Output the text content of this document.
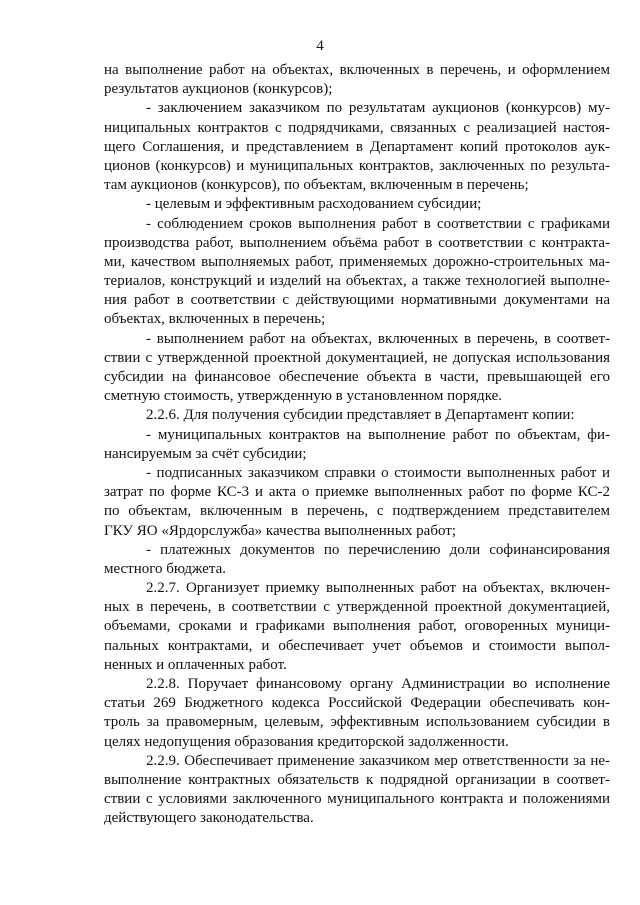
4
на выполнение работ на объектах, включенных в перечень, и оформлением
результатов аукционов (конкурсов);
- заключением заказчиком по результатам аукционов (конкурсов) му-
ниципальных контрактов с подрядчиками, связанных с реализацией настоя-
щего Соглашения, и представлением в Департамент копий протоколов аук-
ционов (конкурсов) и муниципальных контрактов, заключенных по результа-
там аукционов (конкурсов), по объектам, включенным в перечень;
- целевым и эффективным расходованием субсидии;
- соблюдением сроков выполнения работ в соответствии с графиками
производства работ, выполнением объёма работ в соответствии с контракта-
ми, качеством выполняемых работ, применяемых дорожно-строительных ма-
териалов, конструкций и изделий на объектах, а также технологией выполне-
ния работ в соответствии с действующими нормативными документами на
объектах, включенных в перечень;
- выполнением работ на объектах, включенных в перечень, в соответ-
ствии с утвержденной проектной документацией, не допуская использования
субсидии на финансовое обеспечение объекта в части, превышающей его
сметную стоимость, утвержденную в установленном порядке.
2.2.6. Для получения субсидии представляет в Департамент копии:
- муниципальных контрактов на выполнение работ по объектам, фи-
нансируемым за счёт субсидии;
- подписанных заказчиком справки о стоимости выполненных работ и
затрат по форме КС-3 и акта о приемке выполненных работ по форме КС-2
по объектам, включенным в перечень, с подтверждением представителем
ГКУ ЯО «Ярдорслужба» качества выполненных работ;
- платежных документов по перечислению доли софинансирования
местного бюджета.
2.2.7. Организует приемку выполненных работ на объектах, включен-
ных в перечень, в соответствии с утвержденной проектной документацией,
объемами, сроками и графиками выполнения работ, оговоренных муници-
пальных контрактами, и обеспечивает учет объемов и стоимости выпол-
ненных и оплаченных работ.
2.2.8. Поручает финансовому органу Администрации во исполнение
статьи 269 Бюджетного кодекса Российской Федерации обеспечивать кон-
троль за правомерным, целевым, эффективным использованием субсидии в
целях недопущения образования кредиторской задолженности.
2.2.9. Обеспечивает применение заказчиком мер ответственности за не-
выполнение контрактных обязательств к подрядной организации в соответ-
ствии с условиями заключенного муниципального контракта и положениями
действующего законодательства.
